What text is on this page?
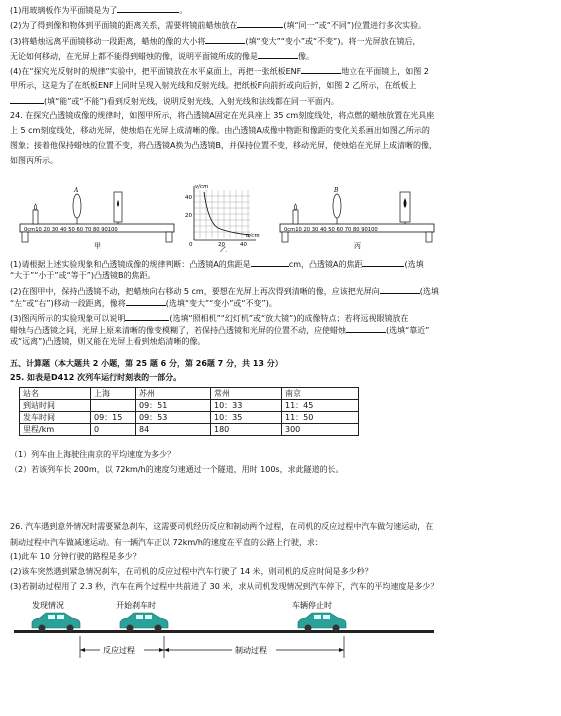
(1)用玻璃板作为平面镜是为了	。
(2)为了得到像和物体到平面镜的距离关系，需要将镜前蜡烛放在	(填“同一”或“不同”)位置进行多次实验。
(3)将蜡烛远离平面镜移动一段距离，蜡烛的像的大小将	(填“变大”“变小”或“不变”)。将一光屏放在镜后，
无论如何移动，在光屏上都不能得到蜡烛的像，说明平面镜所成的像是	像。
(4)在“探究光反射时的规律”实验中，把平面镜放在水平桌面上，再把一张纸板ENF	地立在平面镜上，如图 2
甲所示，这是为了在纸板ENF上同时呈现入射光线和反射光线。把纸板F向前折或向后折，如图 2 乙所示，在纸板上
(填“能”或“不能”)看到反射光线，说明反射光线、入射光线和法线都在同一平面内。
24. 在探究凸透镜成像的规律时，如图甲所示，将凸透镜A固定在光具座上 35 cm刻度线处，将点燃的蜡烛放置在光具座
上 5 cm刻度线处，移动光屏，使烛焰在光屏上成清晰的像。由凸透镜A成像中物距和像距的变化关系画出如图乙所示的
图象；接着他保持蜡烛的位置不变，将凸透镜A换为凸透镜B，并保持位置不变，移动光屏，使烛焰在光屏上成清晰的像，
如图丙所示。
0cm10 20 30 40 50 60 70 80 90100
A
甲
v/cm
u/cm
40
20
0	20	40
乙
0cm10 20 30 40 50 60 70 80 90100
B
丙
(1)请根据上述实验现象和凸透镜成像的规律判断：凸透镜A的焦距是	cm，凸透镜A的焦距	(选填
“大于”“小于”或“等于”)凸透镜B的焦距。
(2)在图甲中，保持凸透镜不动，把蜡烛向右移动 5 cm，要想在光屏上再次得到清晰的像，应该把光屏向	(选填
“左”或“右”)移动一段距离，像将	(选填“变大”“变小”或“不变”)。
(3)图丙所示的实验现象可以说明	(选填“照相机”“幻灯机”或“放大镜”)的成像特点；若将远视眼镜放在
蜡烛与凸透镜之间，光屏上原来清晰的像变模糊了，若保持凸透镜和光屏的位置不动，应使蜡烛	(选填“靠近”
或“远离”)凸透镜，则又能在光屏上看到烛焰清晰的像。
五、计算题（本大题共 2 小题，第 25 题 6 分，第 26题 7 分，共 13 分）
25. 如表是D412 次列车运行时刻表的一部分。
站名	上海	苏州	常州	南京
到站时间		09：51	10：33	11：45
发车时间	09：15	09：53	10：35	11：50
里程/km	0	84	180	300
（1）列车由上海驶往南京的平均速度为多少？
（2）若该列车长 200m，以 72km/h的速度匀速通过一个隧道，用时 100s，求此隧道的长。
26. 汽车遇到意外情况时需要紧急刹车，这需要司机经历反应和制动两个过程，在司机的反应过程中汽车做匀速运动，在
制动过程中汽车做减速运动。有一辆汽车正以 72km/h的速度在平直的公路上行驶，求：
(1)此车 10 分钟行驶的路程是多少？
(2)该车突然遇到紧急情况刹车，在司机的反应过程中汽车行驶了 14 米，则司机的反应时间是多少秒？
(3)若制动过程用了 2.3 秒，汽车在两个过程中共前进了 30 米，求从司机发现情况到汽车停下，汽车的平均速度是多少？
发现情况	开始刹车时	车辆停止时
反应过程	制动过程
